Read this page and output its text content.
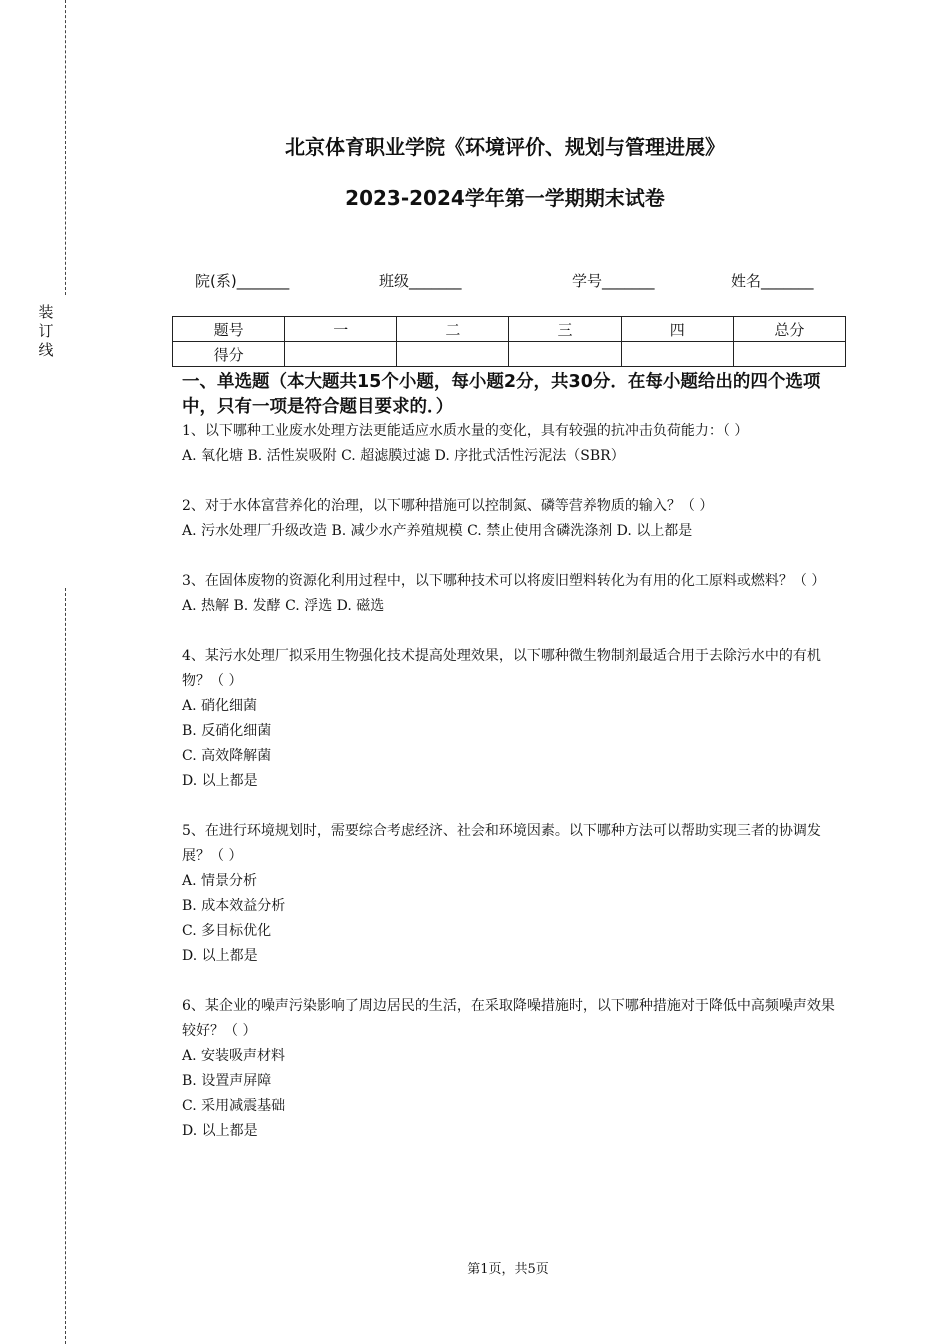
装订线
北京体育职业学院《环境评价、规划与管理进展》
2023-2024学年第一学期期末试卷
院(系)_______	班级_______	学号_______	姓名_______
题号	一	二	三	四	总分
得分					
一、单选题（本大题共15个小题，每小题2分，共30分．在每小题给出的四个选项中，只有一项是符合题目要求的．）

1、以下哪种工业废水处理方法更能适应水质水量的变化，具有较强的抗冲击负荷能力：（ ）

A. 氧化塘 B. 活性炭吸附 C. 超滤膜过滤 D. 序批式活性污泥法（SBR）

2、对于水体富营养化的治理，以下哪种措施可以控制氮、磷等营养物质的输入？（ ）

A. 污水处理厂升级改造 B. 减少水产养殖规模 C. 禁止使用含磷洗涤剂 D. 以上都是

3、在固体废物的资源化利用过程中，以下哪种技术可以将废旧塑料转化为有用的化工原料或燃料？（ ）

A. 热解 B. 发酵 C. 浮选 D. 磁选

4、某污水处理厂拟采用生物强化技术提高处理效果，以下哪种微生物制剂最适合用于去除污水中的有机物？（ ）

A. 硝化细菌

B. 反硝化细菌

C. 高效降解菌

D. 以上都是

5、在进行环境规划时，需要综合考虑经济、社会和环境因素。以下哪种方法可以帮助实现三者的协调发展？（ ）

A. 情景分析

B. 成本效益分析

C. 多目标优化

D. 以上都是

6、某企业的噪声污染影响了周边居民的生活，在采取降噪措施时，以下哪种措施对于降低中高频噪声效果较好？（ ）

A. 安装吸声材料

B. 设置声屏障

C. 采用减震基础

D. 以上都是

第1页，共5页
